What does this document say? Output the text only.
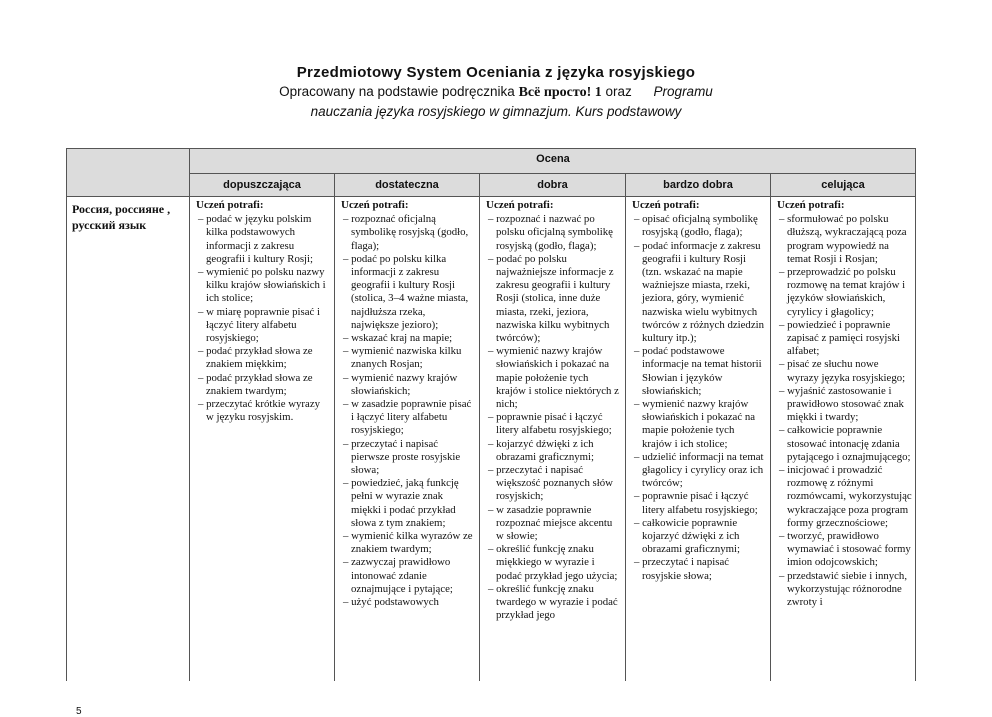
Przedmiotowy System Oceniania z języka rosyjskiego
Opracowany na podstawie podręcznika Всё просто! 1 oraz Programu
nauczania języka rosyjskiego w gimnazjum. Kurs podstawowy
Ocena
dopuszczająca	dostateczna	dobra	bardzo dobra	celująca
Россия, россияне , русский язык
Uczeń potrafi:
– podać w języku polskim kilka podstawowych informacji z zakresu geografii i kultury Rosji;
– wymienić po polsku nazwy kilku krajów słowiańskich i ich stolice;
– w miarę poprawnie pisać i łączyć litery alfabetu rosyjskiego;
– podać przykład słowa ze znakiem miękkim;
– podać przykład słowa ze znakiem twardym;
– przeczytać krótkie wyrazy w języku rosyjskim.
Uczeń potrafi:
– rozpoznać oficjalną symbolikę rosyjską (godło, flaga);
– podać po polsku kilka informacji z zakresu geografii i kultury Rosji (stolica, 3–4 ważne miasta, najdłuższa rzeka, największe jezioro);
– wskazać kraj na mapie;
– wymienić nazwiska kilku znanych Rosjan;
– wymienić nazwy krajów słowiańskich;
– w zasadzie poprawnie pisać i łączyć litery alfabetu rosyjskiego;
– przeczytać i napisać pierwsze proste rosyjskie słowa;
– powiedzieć, jaką funkcję pełni w wyrazie znak miękki i podać przykład słowa z tym znakiem;
– wymienić kilka wyrazów ze znakiem twardym;
– zazwyczaj prawidłowo intonować zdanie oznajmujące i pytające;
– użyć podstawowych
Uczeń potrafi:
– rozpoznać i nazwać po polsku oficjalną symbolikę rosyjską (godło, flaga);
– podać po polsku najważniejsze informacje z zakresu geografii i kultury Rosji (stolica, inne duże miasta, rzeki, jeziora, nazwiska kilku wybitnych twórców);
– wymienić nazwy krajów słowiańskich i pokazać na mapie położenie tych krajów i stolice niektórych z nich;
– poprawnie pisać i łączyć litery alfabetu rosyjskiego;
– kojarzyć dźwięki z ich obrazami graficznymi;
– przeczytać i napisać większość poznanych słów rosyjskich;
– w zasadzie poprawnie rozpoznać miejsce akcentu w słowie;
– określić funkcję znaku miękkiego w wyrazie i podać przykład jego użycia;
– określić funkcję znaku twardego w wyrazie i podać przykład jego
Uczeń potrafi:
– opisać oficjalną symbolikę rosyjską (godło, flaga);
– podać informacje z zakresu geografii i kultury Rosji (tzn. wskazać na mapie ważniejsze miasta, rzeki, jeziora, góry, wymienić nazwiska wielu wybitnych twórców z różnych dziedzin kultury itp.);
– podać podstawowe informacje na temat historii Słowian i języków słowiańskich;
– wymienić nazwy krajów słowiańskich i pokazać na mapie położenie tych krajów i ich stolice;
– udzielić informacji na temat głagolicy i cyrylicy oraz ich twórców;
– poprawnie pisać i łączyć litery alfabetu rosyjskiego;
– całkowicie poprawnie kojarzyć dźwięki z ich obrazami graficznymi;
– przeczytać i napisać rosyjskie słowa;
Uczeń potrafi:
– sformułować po polsku dłuższą, wykraczającą poza program wypowiedź na temat Rosji i Rosjan;
– przeprowadzić po polsku rozmowę na temat krajów i języków słowiańskich, cyrylicy i głagolicy;
– powiedzieć i poprawnie zapisać z pamięci rosyjski alfabet;
– pisać ze słuchu nowe wyrazy języka rosyjskiego;
– wyjaśnić zastosowanie i prawidłowo stosować znak miękki i twardy;
– całkowicie poprawnie stosować intonację zdania pytającego i oznajmującego;
– inicjować i prowadzić rozmowę z różnymi rozmówcami, wykorzystując wykraczające poza program formy grzecznościowe;
– tworzyć, prawidłowo wymawiać i stosować formy imion odojcowskich;
– przedstawić siebie i innych, wykorzystując różnorodne zwroty i
5
